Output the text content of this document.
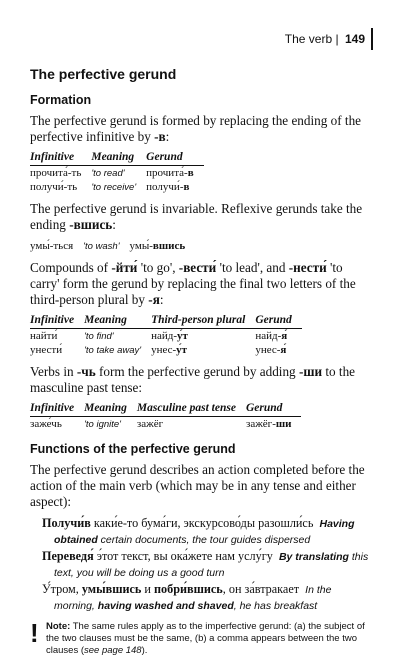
The verb
|
149
The perfective gerund
Formation

The perfective gerund is formed by replacing the ending of the perfective infinitive by -в:

Infinitive	Meaning	Gerund
прочита́-ть	'to read'	прочита́-в
получи́-ть	'to receive'	получи́-в

The perfective gerund is invariable. Reflexive gerunds take the ending -вшись:

умы́-ться	'to wash'	умы́-вшись

Compounds of -йти́ 'to go', -вести́ 'to lead', and -нести́ 'to carry' form the gerund by replacing the final two letters of the third-person plural by -я:

Infinitive	Meaning	Third-person plural	Gerund
найти́	'to find'	найд-у́т	найд-я́
унести́	'to take away'	унес-у́т	унес-я́

Verbs in -чь form the perfective gerund by adding -ши to the masculine past tense:

Infinitive	Meaning	Masculine past tense	Gerund
заже́чь	'to ignite'	зажёг	зажёг-ши
Functions of the perfective gerund

The perfective gerund describes an action completed before the action of the main verb (which may be in any tense and either aspect):

Получи́в каки́е-то бума́ги, экскурсово́ды разошли́сь Having obtained certain documents, the tour guides dispersed
Переведя́ э́тот текст, вы ока́жете нам услу́гу By translating this text, you will be doing us a good turn
У́тром, умы́вшись и побри́вшись, он за́втракает In the morning, having washed and shaved, he has breakfast
! Note: The same rules apply as to the imperfective gerund: (a) the subject of the two clauses must be the same, (b) a comma appears between the two clauses (see page 148).
